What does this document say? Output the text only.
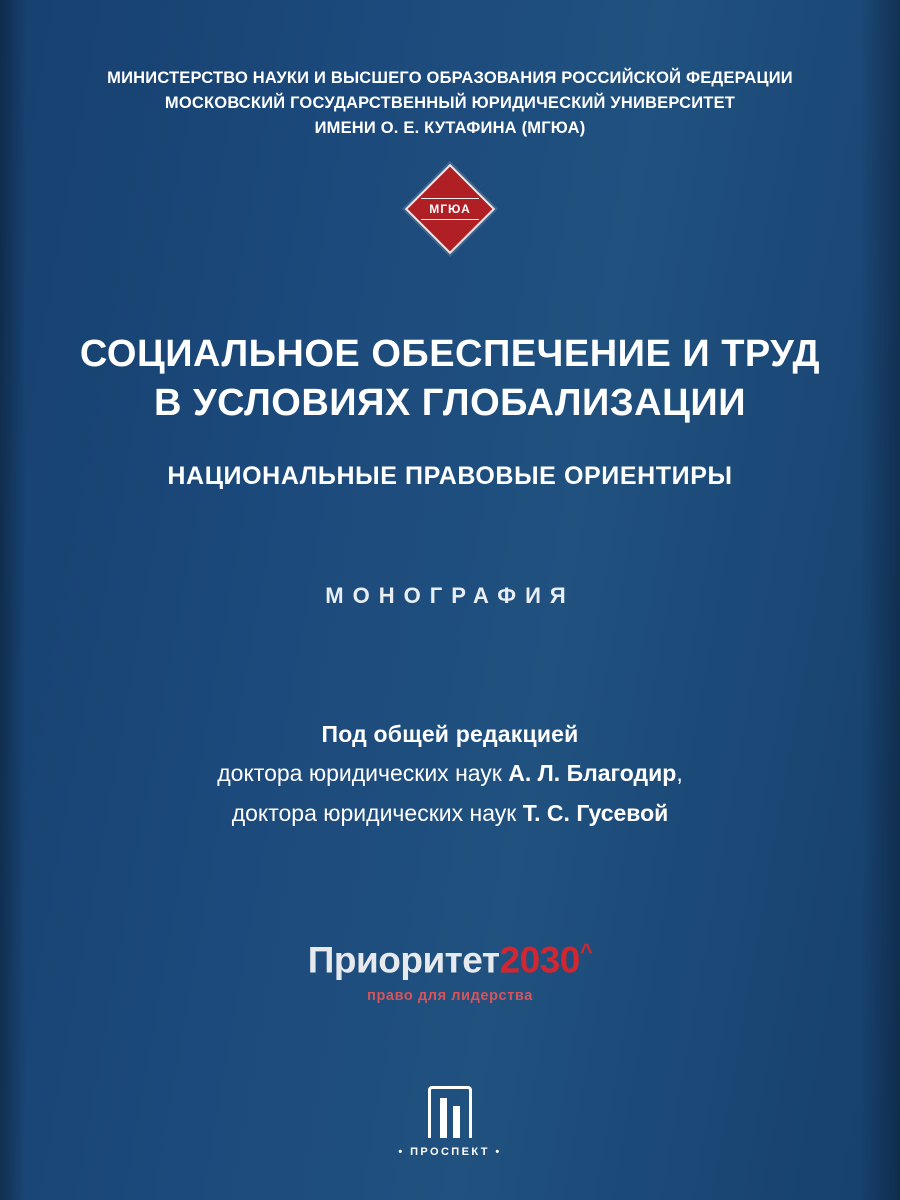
МИНИСТЕРСТВО НАУКИ И ВЫСШЕГО ОБРАЗОВАНИЯ РОССИЙСКОЙ ФЕДЕРАЦИИ
МОСКОВСКИЙ ГОСУДАРСТВЕННЫЙ ЮРИДИЧЕСКИЙ УНИВЕРСИТЕТ
ИМЕНИ О. Е. КУТАФИНА (МГЮА)
МГЮА
СОЦИАЛЬНОЕ ОБЕСПЕЧЕНИЕ И ТРУД
В УСЛОВИЯХ ГЛОБАЛИЗАЦИИ
НАЦИОНАЛЬНЫЕ ПРАВОВЫЕ ОРИЕНТИРЫ
МОНОГРАФИЯ
Под общей редакцией
доктора юридических наук А. Л. Благодир,
доктора юридических наук Т. С. Гусевой
Приоритет2030^
право для лидерства
• ПРОСПЕКТ •
